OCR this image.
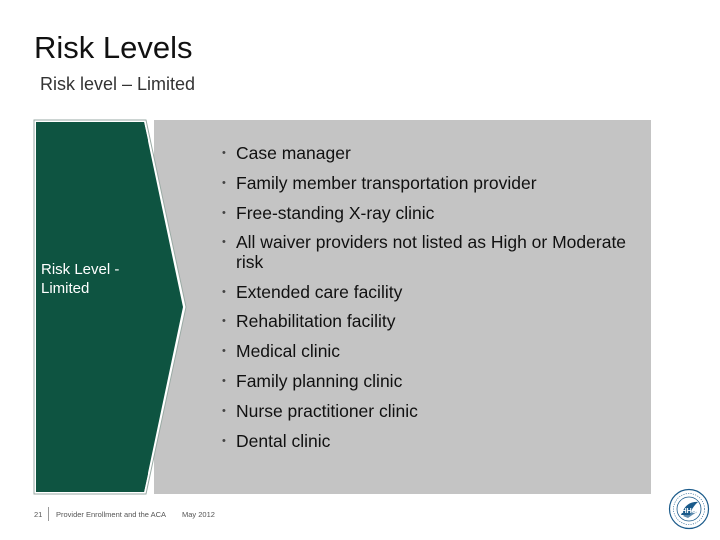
Risk Levels
Risk level – Limited
Risk Level - Limited
• Case manager
• Family member transportation provider
• Free-standing X-ray clinic
• All waiver providers not listed as High or Moderate risk
• Extended care facility
• Rehabilitation facility
• Medical clinic
• Family planning clinic
• Nurse practitioner clinic
• Dental clinic
21 Provider Enrollment and the ACA May 2012	HHS
